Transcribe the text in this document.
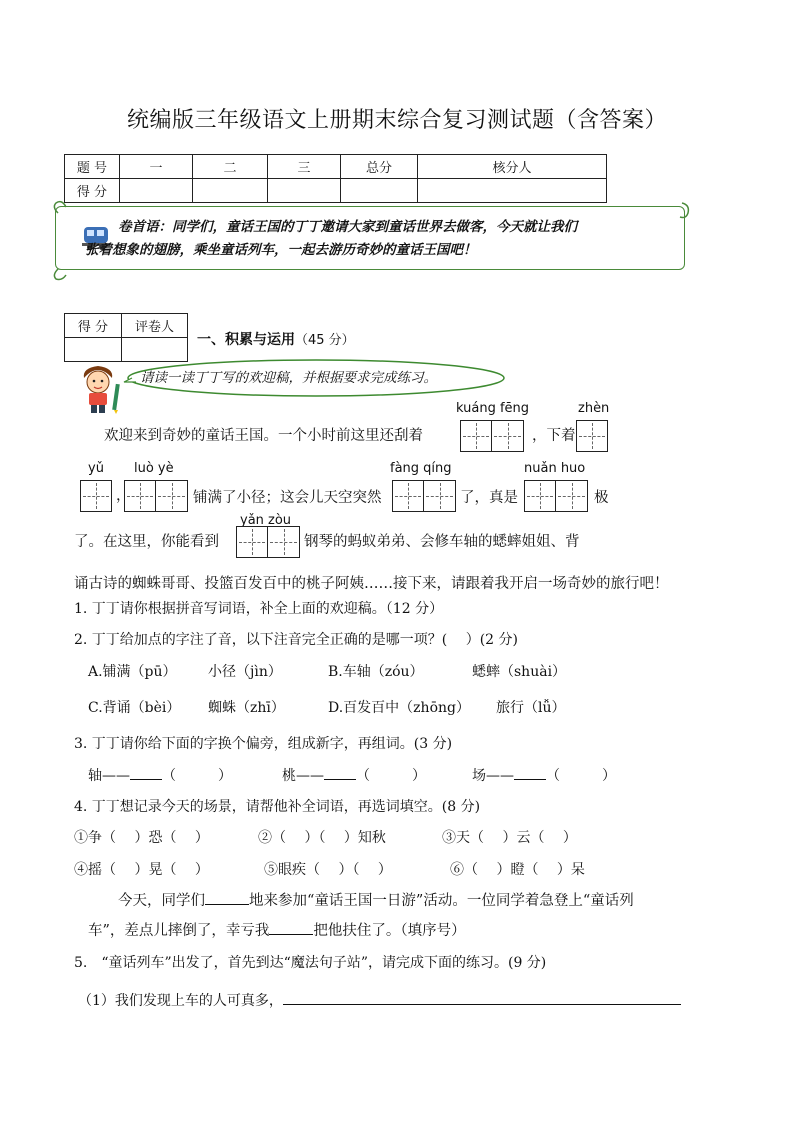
统编版三年级语文上册期末综合复习测试题（含答案）
题 号	一	二	三	总分	核分人
得 分					
卷首语：同学们，童话王国的丁丁邀请大家到童话世界去做客，今天就让我们
张着想象的翅膀，乘坐童话列车，一起去游历奇妙的童话王国吧！
得 分	评卷人

一、积累与运用（45 分）
请读一读丁丁写的欢迎稿，并根据要求完成练习。
kuáng fēng	zhèn
欢迎来到奇妙的童话王国。一个小时前这里还刮着	，下着
yǔ luò yè	fàng qíng	nuǎn huo
，	铺满了小径；这会儿天空突然	了，真是	极
yǎn zòu
了。在这里，你能看到	钢琴的蚂蚁弟弟、会修车轴的蟋蟀姐姐、背
诵古诗的蜘蛛哥哥、投篮百发百中的桃子阿姨……接下来，请跟着我开启一场奇妙的旅行吧！
1. 丁丁请你根据拼音写词语，补全上面的欢迎稿。（12 分）
2. 丁丁给加点的字注了音，以下注音完全正确的是哪一项？(　 ）(2 分)
A.铺满（pū） 小径（jìn）	B.车轴（zóu）	蟋蟀（shuài）
C.背诵（bèi） 蜘蛛（zhī）	D.百发百中（zhōng） 旅行（lǚ）
3. 丁丁请你给下面的字换个偏旁，组成新字，再组词。(3 分)
轴—— （　　　）	桃—— （　　　）	场—— （　　　）
4. 丁丁想记录今天的场景，请帮他补全词语，再选词填空。(8 分)
①争（　 ）恐（　 ）	②（　 ）（　 ）知秋	③天（　 ）云（　 ）
④摇（　 ）晃（　 ）	⑤眼疾（　 ）（　 ）	⑥（　 ）瞪（　 ）呆
今天，同学们	地来参加“童话王国一日游”活动。一位同学着急登上“童话列
车”，差点儿摔倒了，幸亏我	把他扶住了。（填序号）
5.　“童话列车”出发了，首先到达“魔法句子站”，请完成下面的练习。(9 分)
（1）我们发现上车的人可真多，
